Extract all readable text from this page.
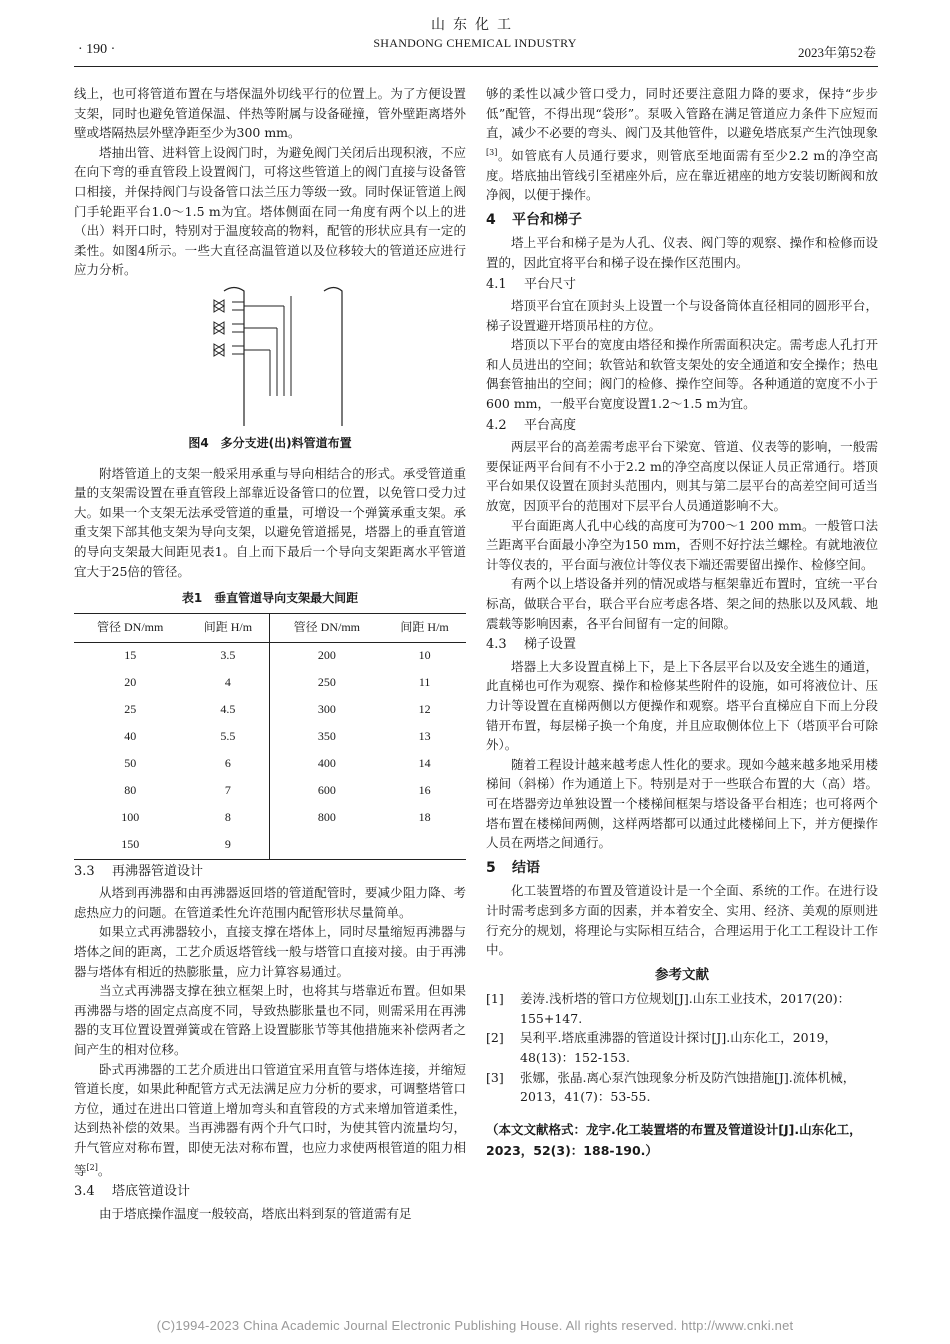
山东化工
SHANDONG CHEMICAL INDUSTRY
· 190 ·	2023年第52卷

线上，也可将管道布置在与塔保温外切线平行的位置上。为了方便设置支架，同时也避免管道保温、伴热等附属与设备碰撞，管外壁距离塔外壁或塔隔热层外壁净距至少为300 mm。

塔抽出管、进料管上设阀门时，为避免阀门关闭后出现积液，不应在向下弯的垂直管段上设置阀门，可将这些管道上的阀门直接与设备管口相接，并保持阀门与设备管口法兰压力等级一致。同时保证管道上阀门手轮距平台1.0～1.5 m为宜。塔体侧面在同一角度有两个以上的进（出）料开口时，特别对于温度较高的物料，配管的形状应具有一定的柔性。如图4所示。一些大直径高温管道以及位移较大的管道还应进行应力分析。

图4　多分支进(出)料管道布置

附塔管道上的支架一般采用承重与导向相结合的形式。承受管道重量的支架需设置在垂直管段上部靠近设备管口的位置，以免管口受力过大。如果一个支架无法承受管道的重量，可增设一个弹簧承重支架。承重支架下部其他支架为导向支架，以避免管道摇晃，塔器上的垂直管道的导向支架最大间距见表1。自上而下最后一个导向支架距离水平管道宜大于25倍的管径。

表1　垂直管道导向支架最大间距
管径 DN/mm	间距 H/m	管径 DN/mm	间距 H/m
15	3.5	200	10
20	4	250	11
25	4.5	300	12
40	5.5	350	13
50	6	400	14
80	7	600	16
100	8	800	18
150	9		
3.3 再沸器管道设计

从塔到再沸器和由再沸器返回塔的管道配管时，要减少阻力降、考虑热应力的问题。在管道柔性允许范围内配管形状尽量简单。

如果立式再沸器较小，直接支撑在塔体上，同时尽量缩短再沸器与塔体之间的距离，工艺介质返塔管线一般与塔管口直接对接。由于再沸器与塔体有相近的热膨胀量，应力计算容易通过。

当立式再沸器支撑在独立框架上时，也将其与塔靠近布置。但如果再沸器与塔的固定点高度不同，导致热膨胀量也不同，则需采用在再沸器的支耳位置设置弹簧或在管路上设置膨胀节等其他措施来补偿两者之间产生的相对位移。

卧式再沸器的工艺介质进出口管道宜采用直管与塔体连接，并缩短管道长度，如果此种配管方式无法满足应力分析的要求，可调整塔管口方位，通过在进出口管道上增加弯头和直管段的方式来增加管道柔性，达到热补偿的效果。当再沸器有两个升气口时，为使其管内流量均匀，升气管应对称布置，即使无法对称布置，也应力求使两根管道的阻力相等[2]。

3.4 塔底管道设计

由于塔底操作温度一般较高，塔底出料到泵的管道需有足

够的柔性以减少管口受力，同时还要注意阻力降的要求，保持“步步低”配管，不得出现“袋形”。泵吸入管路在满足管道应力条件下应短而直，减少不必要的弯头、阀门及其他管件，以避免塔底泵产生汽蚀现象[3]。如管底有人员通行要求，则管底至地面需有至少2.2 m的净空高度。塔底抽出管线引至裙座外后，应在靠近裙座的地方安装切断阀和放净阀，以便于操作。

4 平台和梯子

塔上平台和梯子是为人孔、仪表、阀门等的观察、操作和检修而设置的，因此宜将平台和梯子设在操作区范围内。

4.1 平台尺寸

塔顶平台宜在顶封头上设置一个与设备筒体直径相同的圆形平台，梯子设置避开塔顶吊柱的方位。

塔顶以下平台的宽度由塔径和操作所需面积决定。需考虑人孔打开和人员进出的空间；软管站和软管支架处的安全通道和安全操作；热电偶套管抽出的空间；阀门的检修、操作空间等。各种通道的宽度不小于600 mm，一般平台宽度设置1.2～1.5 m为宜。

4.2 平台高度

两层平台的高差需考虑平台下梁宽、管道、仪表等的影响，一般需要保证两平台间有不小于2.2 m的净空高度以保证人员正常通行。塔顶平台如果仅设置在顶封头范围内，则其与第二层平台的高差空间可适当放宽，因顶平台的范围对下层平台人员通道影响不大。

平台面距离人孔中心线的高度可为700～1 200 mm。一般管口法兰距离平台面最小净空为150 mm，否则不好拧法兰螺栓。有就地液位计等仪表的，平台面与液位计等仪表下端还需要留出操作、检修空间。

有两个以上塔设备并列的情况或塔与框架靠近布置时，宜统一平台标高，做联合平台，联合平台应考虑各塔、架之间的热胀以及风载、地震载等影响因素，各平台间留有一定的间隙。

4.3 梯子设置

塔器上大多设置直梯上下，是上下各层平台以及安全逃生的通道，此直梯也可作为观察、操作和检修某些附件的设施，如可将液位计、压力计等设置在直梯两侧以方便操作和观察。塔平台直梯应自下而上分段错开布置，每层梯子换一个角度，并且应取侧体位上下（塔顶平台可除外）。

随着工程设计越来越考虑人性化的要求。现如今越来越多地采用楼梯间（斜梯）作为通道上下。特别是对于一些联合布置的大（高）塔。可在塔器旁边单独设置一个楼梯间框架与塔设备平台相连；也可将两个塔布置在楼梯间两侧，这样两塔都可以通过此楼梯间上下，并方便操作人员在两塔之间通行。

5 结语

化工装置塔的布置及管道设计是一个全面、系统的工作。在进行设计时需考虑到多方面的因素，并本着安全、实用、经济、美观的原则进行充分的规划，将理论与实际相互结合，合理运用于化工工程设计工作中。

参考文献
[1]	姜涛.浅析塔的管口方位规划[J].山东工业技术，2017(20)：155+147.
[2]	吴利平.塔底重沸器的管道设计探讨[J].山东化工，2019，48(13)：152-153.
[3]	张娜，张晶.离心泵汽蚀现象分析及防汽蚀措施[J].流体机械，2013，41(7)：53-55.
（本文文献格式：龙宇.化工装置塔的布置及管道设计[J].山东化工，2023，52(3)：188-190.）
(C)1994-2023 China Academic Journal Electronic Publishing House. All rights reserved. http://www.cnki.net
